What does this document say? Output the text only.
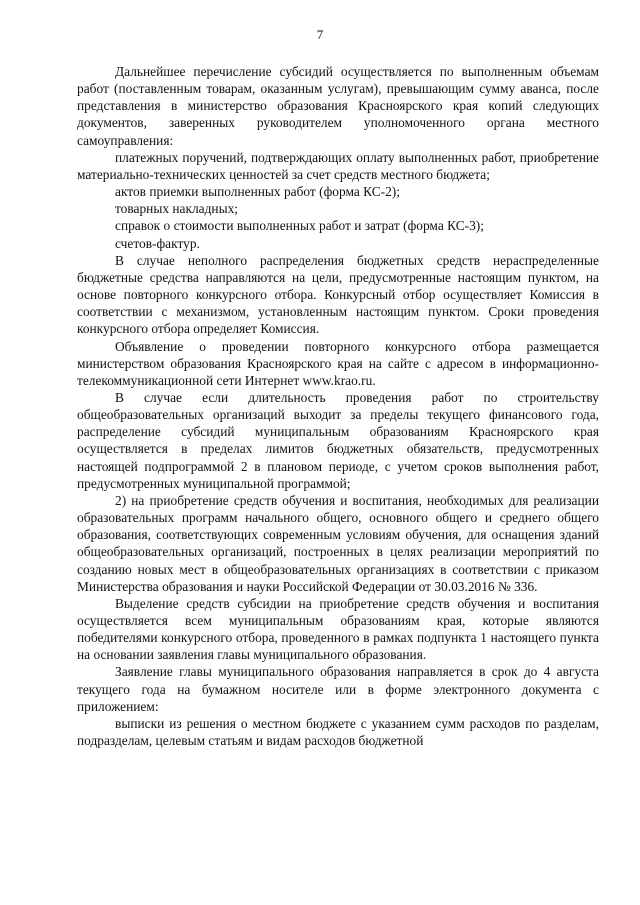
7

Дальнейшее перечисление субсидий осуществляется по выполненным объемам работ (поставленным товарам, оказанным услугам), превышающим сумму аванса, после представления в министерство образования Красноярского края копий следующих документов, заверенных руководителем уполномоченного органа местного самоуправления:

платежных поручений, подтверждающих оплату выполненных работ, приобретение материально-технических ценностей за счет средств местного бюджета;

актов приемки выполненных работ (форма КС-2);

товарных накладных;

справок о стоимости выполненных работ и затрат (форма КС-3);

счетов-фактур.

В случае неполного распределения бюджетных средств нераспределенные бюджетные средства направляются на цели, предусмотренные настоящим пунктом, на основе повторного конкурсного отбора. Конкурсный отбор осуществляет Комиссия в соответствии с механизмом, установленным настоящим пунктом. Сроки проведения конкурсного отбора определяет Комиссия.

Объявление о проведении повторного конкурсного отбора размещается министерством образования Красноярского края на сайте с адресом в информационно-телекоммуникационной сети Интернет www.krao.ru.

В случае если длительность проведения работ по строительству общеобразовательных организаций выходит за пределы текущего финансового года, распределение субсидий муниципальным образованиям Красноярского края осуществляется в пределах лимитов бюджетных обязательств, предусмотренных настоящей подпрограммой 2 в плановом периоде, с учетом сроков выполнения работ, предусмотренных муниципальной программой;

2) на приобретение средств обучения и воспитания, необходимых для реализации образовательных программ начального общего, основного общего и среднего общего образования, соответствующих современным условиям обучения, для оснащения зданий общеобразовательных организаций, построенных в целях реализации мероприятий по созданию новых мест в общеобразовательных организациях в соответствии с приказом Министерства образования и науки Российской Федерации от 30.03.2016 № 336.

Выделение средств субсидии на приобретение средств обучения и воспитания осуществляется всем муниципальным образованиям края, которые являются победителями конкурсного отбора, проведенного в рамках подпункта 1 настоящего пункта на основании заявления главы муниципального образования.

Заявление главы муниципального образования направляется в срок до 4 августа текущего года на бумажном носителе или в форме электронного документа с приложением:

выписки из решения о местном бюджете с указанием сумм расходов по разделам, подразделам, целевым статьям и видам расходов бюджетной
